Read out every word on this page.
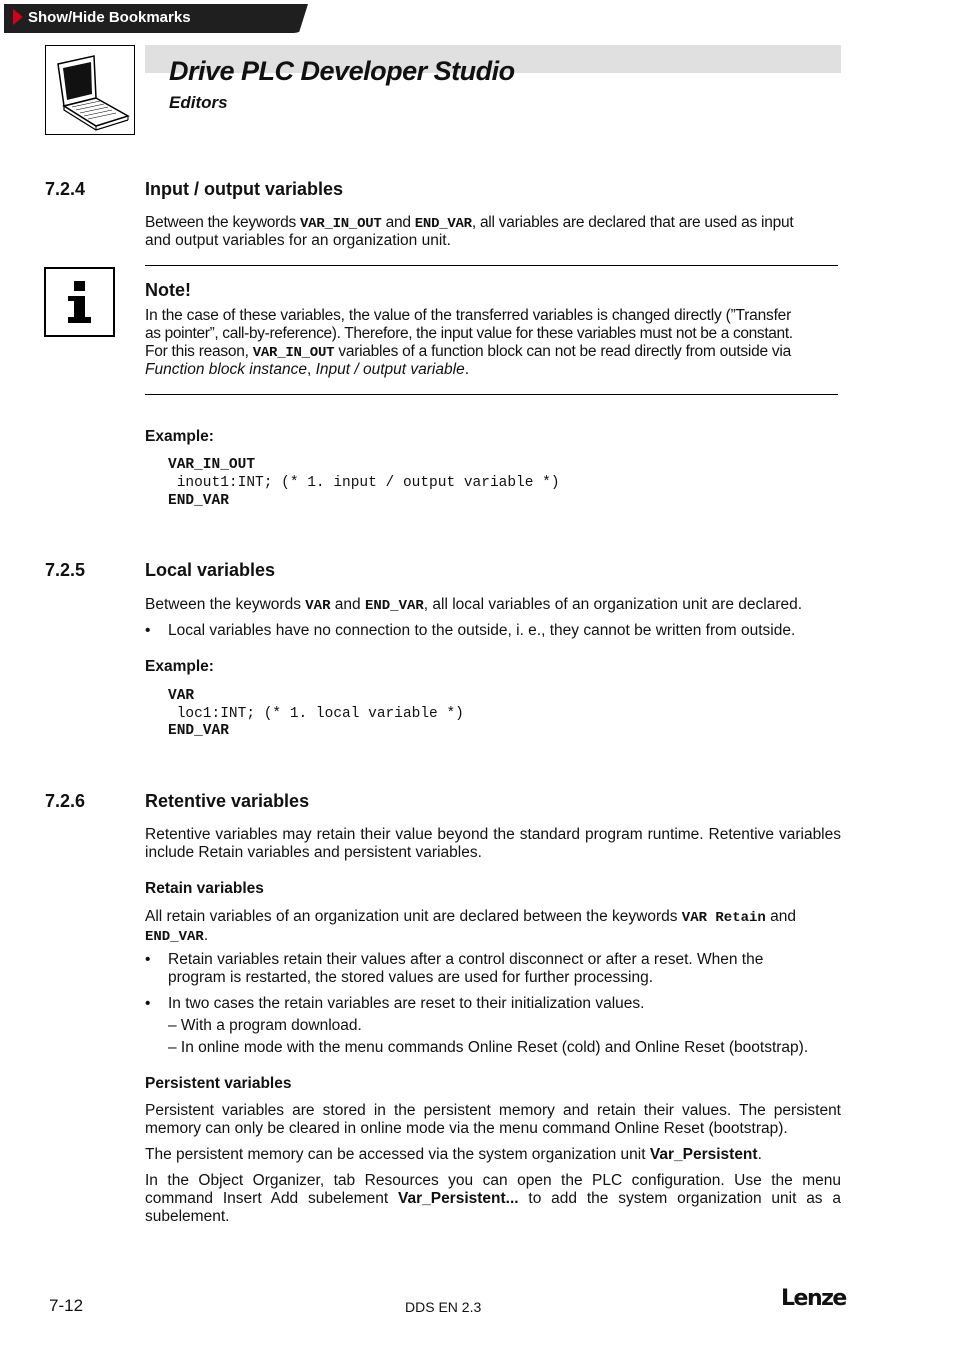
Show/Hide Bookmarks
Drive PLC Developer Studio
Editors
7.2.4	Input / output variables
Between the keywords VAR_IN_OUT and END_VAR, all variables are declared that are used as input
and output variables for an organization unit.
Note!
In the case of these variables, the value of the transferred variables is changed directly (”Transfer
as pointer”, call-by-reference). Therefore, the input value for these variables must not be a constant.
For this reason, VAR_IN_OUT variables of a function block can not be read directly from outside via
Function block instance, Input / output variable.
Example:
VAR_IN_OUT
inout1:INT; (* 1. input / output variable *)
END_VAR
7.2.5	Local variables
Between the keywords VAR and END_VAR, all local variables of an organization unit are declared.
• Local variables have no connection to the outside, i. e., they cannot be written from outside.
Example:
VAR
loc1:INT; (* 1. local variable *)
END_VAR
7.2.6	Retentive variables
Retentive variables may retain their value beyond the standard program runtime. Retentive variables include Retain variables and persistent variables.
Retain variables
All retain variables of an organization unit are declared between the keywords VAR Retain and
END_VAR.
• Retain variables retain their values after a control disconnect or after a reset. When the program is restarted, the stored values are used for further processing.
• In two cases the retain variables are reset to their initialization values.
– With a program download.
– In online mode with the menu commands Online Reset (cold) and Online Reset (bootstrap).
Persistent variables
Persistent variables are stored in the persistent memory and retain their values. The persistent memory can only be cleared in online mode via the menu command Online Reset (bootstrap).
The persistent memory can be accessed via the system organization unit Var_Persistent.
In the Object Organizer, tab Resources you can open the PLC configuration. Use the menu command Insert Add subelement Var_Persistent... to add the system organization unit as a subelement.
7-12	DDS EN 2.3	Lenze
